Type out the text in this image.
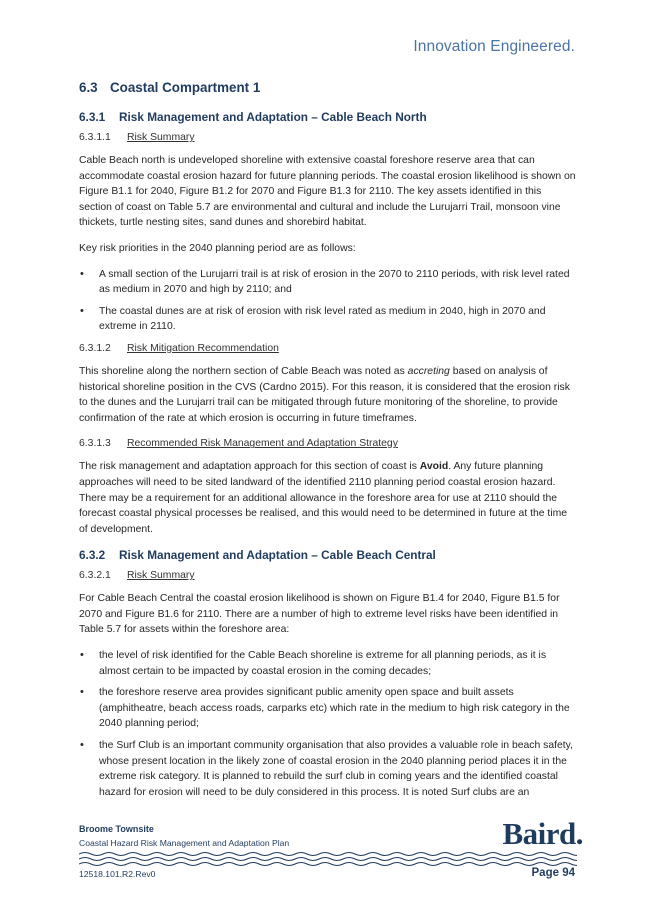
Innovation Engineered.
6.3 Coastal Compartment 1
6.3.1 Risk Management and Adaptation – Cable Beach North
6.3.1.1 Risk Summary

Cable Beach north is undeveloped shoreline with extensive coastal foreshore reserve area that can accommodate coastal erosion hazard for future planning periods. The coastal erosion likelihood is shown on Figure B1.1 for 2040, Figure B1.2 for 2070 and Figure B1.3 for 2110. The key assets identified in this section of coast on Table 5.7 are environmental and cultural and include the Lurujarri Trail, monsoon vine thickets, turtle nesting sites, sand dunes and shorebird habitat.

Key risk priorities in the 2040 planning period are as follows:

• A small section of the Lurujarri trail is at risk of erosion in the 2070 to 2110 periods, with risk level rated as medium in 2070 and high by 2110; and
• The coastal dunes are at risk of erosion with risk level rated as medium in 2040, high in 2070 and extreme in 2110.
6.3.1.2 Risk Mitigation Recommendation

This shoreline along the northern section of Cable Beach was noted as accreting based on analysis of historical shoreline position in the CVS (Cardno 2015). For this reason, it is considered that the erosion risk to the dunes and the Lurujarri trail can be mitigated through future monitoring of the shoreline, to provide confirmation of the rate at which erosion is occurring in future timeframes.

6.3.1.3 Recommended Risk Management and Adaptation Strategy

The risk management and adaptation approach for this section of coast is Avoid. Any future planning approaches will need to be sited landward of the identified 2110 planning period coastal erosion hazard. There may be a requirement for an additional allowance in the foreshore area for use at 2110 should the forecast coastal physical processes be realised, and this would need to be determined in future at the time of development.

6.3.2 Risk Management and Adaptation – Cable Beach Central
6.3.2.1 Risk Summary

For Cable Beach Central the coastal erosion likelihood is shown on Figure B1.4 for 2040, Figure B1.5 for 2070 and Figure B1.6 for 2110. There are a number of high to extreme level risks have been identified in Table 5.7 for assets within the foreshore area:

• the level of risk identified for the Cable Beach shoreline is extreme for all planning periods, as it is almost certain to be impacted by coastal erosion in the coming decades;
• the foreshore reserve area provides significant public amenity open space and built assets (amphitheatre, beach access roads, carparks etc) which rate in the medium to high risk category in the 2040 planning period;
• the Surf Club is an important community organisation that also provides a valuable role in beach safety, whose present location in the likely zone of coastal erosion in the 2040 planning period places it in the extreme risk category. It is planned to rebuild the surf club in coming years and the identified coastal hazard for erosion will need to be duly considered in this process. It is noted Surf clubs are an
Broome Townsite
Coastal Hazard Risk Management and Adaptation Plan	Baird.
12518.101.R2.Rev0	Page 94
